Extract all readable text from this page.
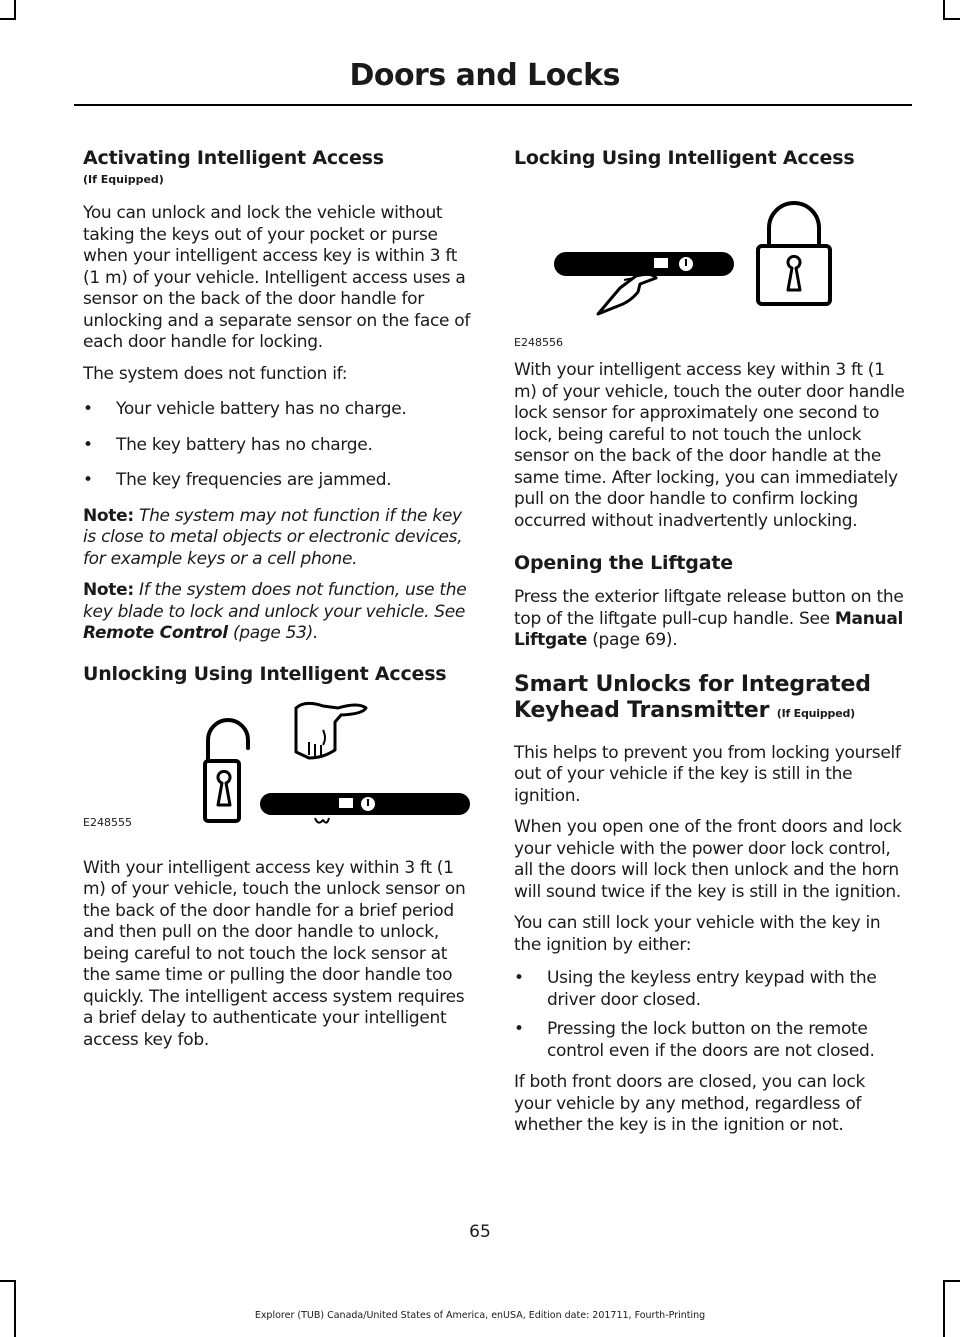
Doors and Locks
Activating Intelligent Access
(If Equipped)

You can unlock and lock the vehicle without taking the keys out of your pocket or purse when your intelligent access key is within 3 ft (1 m) of your vehicle. Intelligent access uses a sensor on the back of the door handle for unlocking and a separate sensor on the face of each door handle for locking.

The system does not function if:

• Your vehicle battery has no charge.
• The key battery has no charge.
• The key frequencies are jammed.

Note: The system may not function if the key is close to metal objects or electronic devices, for example keys or a cell phone.

Note: If the system does not function, use the key blade to lock and unlock your vehicle. See Remote Control (page 53).

Unlocking Using Intelligent Access
E248555

With your intelligent access key within 3 ft (1 m) of your vehicle, touch the unlock sensor on the back of the door handle for a brief period and then pull on the door handle to unlock, being careful to not touch the lock sensor at the same time or pulling the door handle too quickly. The intelligent access system requires a brief delay to authenticate your intelligent access key fob.

Locking Using Intelligent Access
E248556

With your intelligent access key within 3 ft (1 m) of your vehicle, touch the outer door handle lock sensor for approximately one second to lock, being careful to not touch the unlock sensor on the back of the door handle at the same time. After locking, you can immediately pull on the door handle to confirm locking occurred without inadvertently unlocking.

Opening the Liftgate

Press the exterior liftgate release button on the top of the liftgate pull-cup handle. See Manual Liftgate (page 69).

Smart Unlocks for Integrated
Keyhead Transmitter (If Equipped)

This helps to prevent you from locking yourself out of your vehicle if the key is still in the ignition.

When you open one of the front doors and lock your vehicle with the power door lock control, all the doors will lock then unlock and the horn will sound twice if the key is still in the ignition.

You can still lock your vehicle with the key in the ignition by either:

• Using the keyless entry keypad with the driver door closed.
• Pressing the lock button on the remote control even if the doors are not closed.

If both front doors are closed, you can lock your vehicle by any method, regardless of whether the key is in the ignition or not.

65
Explorer (TUB) Canada/United States of America, enUSA, Edition date: 201711, Fourth-Printing
